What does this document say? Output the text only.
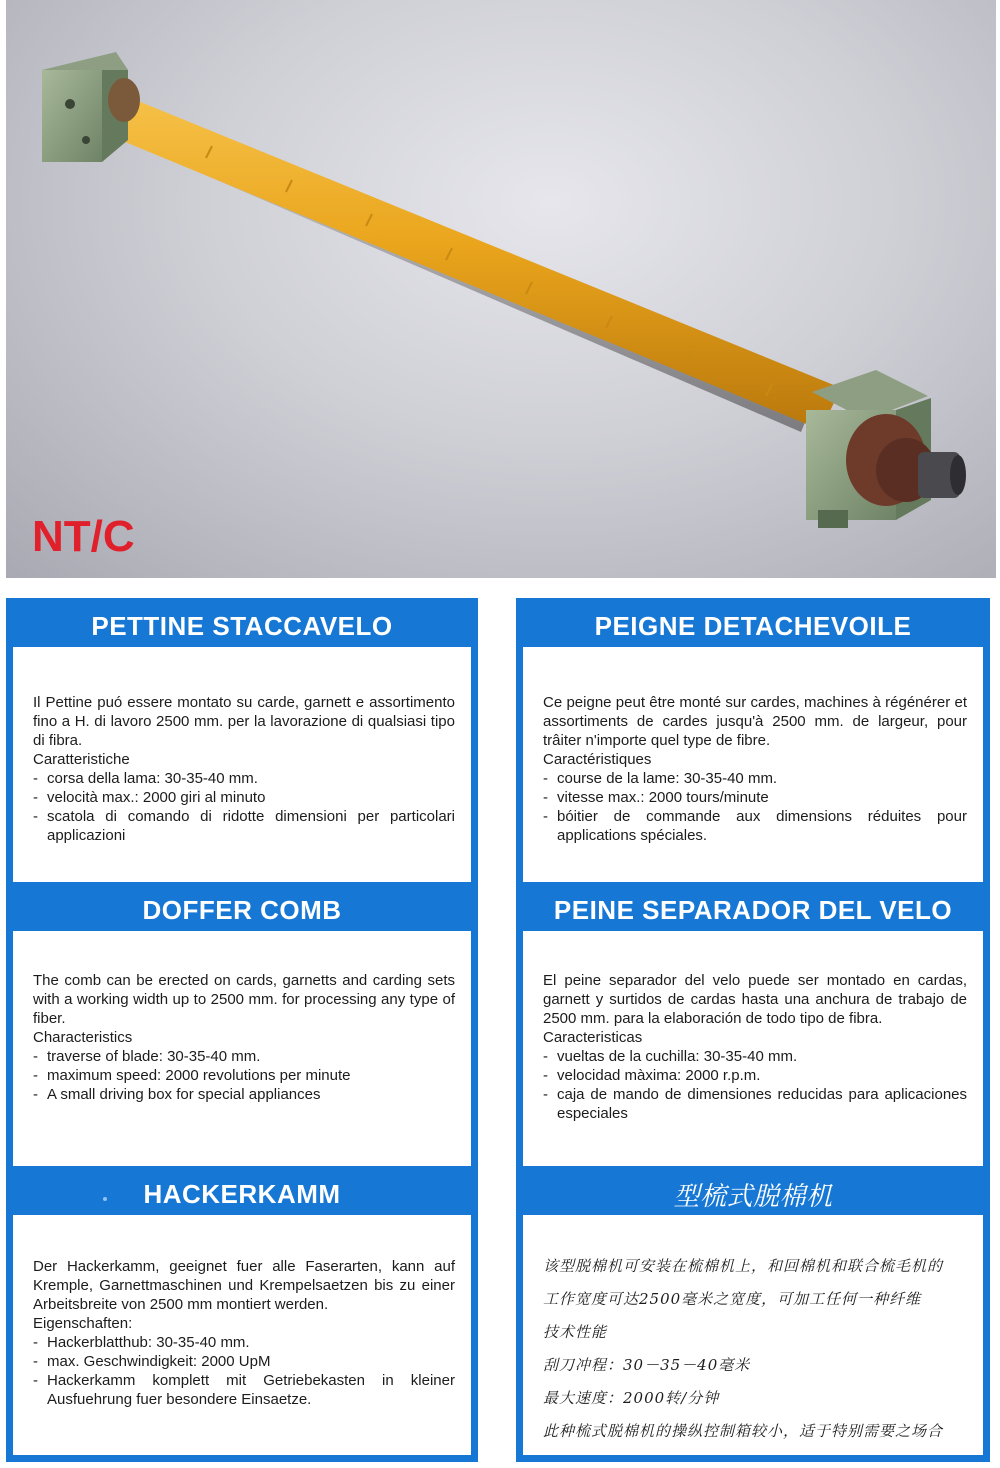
NT/C
PETTINE STACCAVELO

Il Pettine puó essere montato su carde, garnett e assortimento fino a H. di lavoro 2500 mm. per la lavorazione di qualsiasi tipo di fibra.

Caratteristiche
- corsa della lama: 30-35-40 mm.
- velocità max.: 2000 giri al minuto
- scatola di comando di ridotte dimensioni per particolari applicazioni
PEIGNE DETACHEVOILE

Ce peigne peut être monté sur cardes, machines à régénérer et assortiments de cardes jusqu'à 2500 mm. de largeur, pour trâiter n'importe quel type de fibre.

Caractéristiques
- course de la lame: 30-35-40 mm.
- vitesse max.: 2000 tours/minute
- bóitier de commande aux dimensions réduites pour applications spéciales.
DOFFER COMB

The comb can be erected on cards, garnetts and carding sets with a working width up to 2500 mm. for processing any type of fiber.

Characteristics
- traverse of blade: 30-35-40 mm.
- maximum speed: 2000 revolutions per minute
- A small driving box for special appliances
PEINE SEPARADOR DEL VELO

El peine separador del velo puede ser montado en cardas, garnett y surtidos de cardas hasta una anchura de trabajo de 2500 mm. para la elaboración de todo tipo de fibra.

Caracteristicas
- vueltas de la cuchilla: 30-35-40 mm.
- velocidad màxima: 2000 r.p.m.
- caja de mando de dimensiones reducidas para aplicaciones especiales
HACKERKAMM

Der Hackerkamm, geeignet fuer alle Faserarten, kann auf Kremple, Garnettmaschinen und Krempelsaetzen bis zu einer Arbeitsbreite von 2500 mm montiert werden.

Eigenschaften:
- Hackerblatthub: 30-35-40 mm.
- max. Geschwindigkeit: 2000 UpM
- Hackerkamm komplett mit Getriebekasten in kleiner Ausfuehrung fuer besondere Einsaetze.
型梳式脱棉机
该型脱棉机可安装在梳棉机上，和回棉机和联合梳毛机的
工作宽度可达2500毫米之宽度，可加工任何一种纤维
技术性能
刮刀冲程：30－35－40毫米
最大速度：2000转/分钟
此种梳式脱棉机的操纵控制箱较小，适于特别需要之场合
